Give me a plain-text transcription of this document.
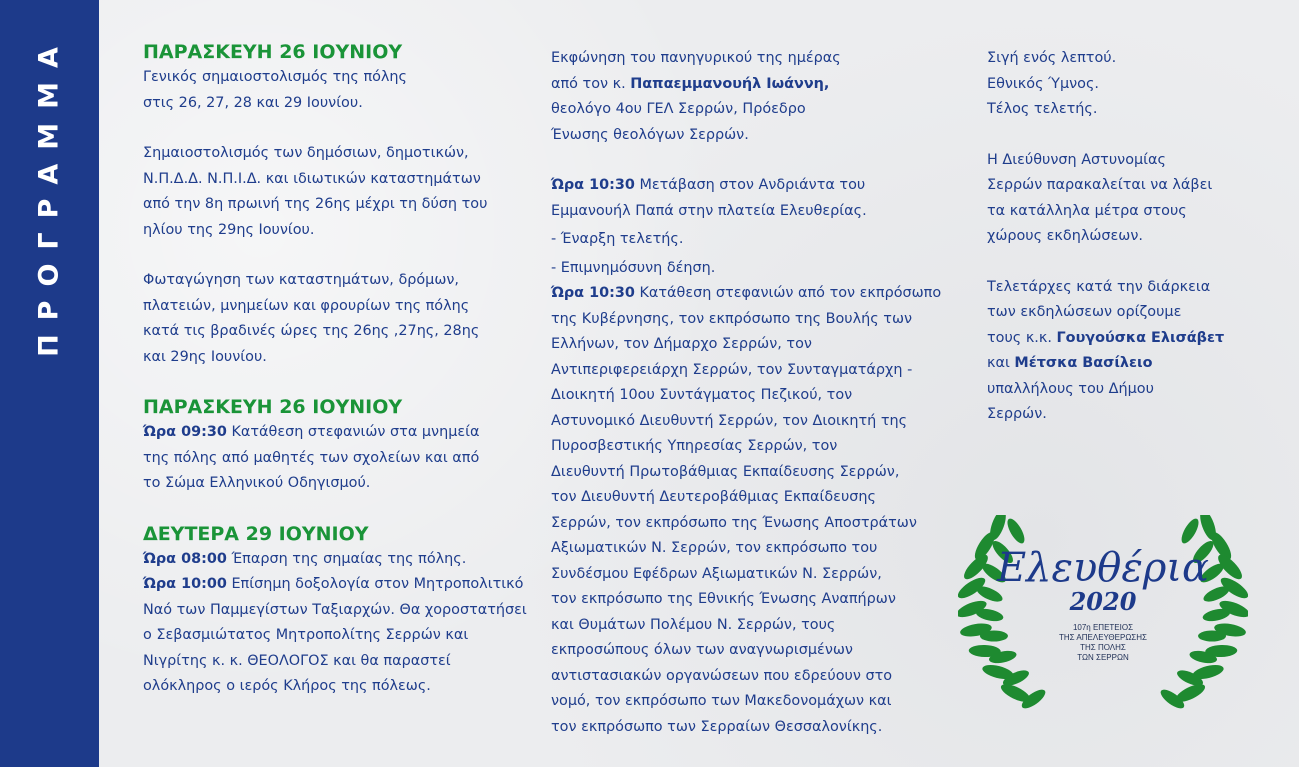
ΠΡΟΓΡΑΜΜΑ	ΠΑΡΑΣΚΕΥΗ 26 ΙΟΥΝΙΟΥ

Γενικός σημαιοστολισμός της πόλης

στις 26, 27, 28 και 29 Ιουνίου.

Σημαιοστολισμός των δημόσιων, δημοτικών,

Ν.Π.Δ.Δ. Ν.Π.Ι.Δ. και ιδιωτικών καταστημάτων

από την 8η πρωινή της 26ης μέχρι τη δύση του

ηλίου της 29ης Ιουνίου.

Φωταγώγηση των καταστημάτων, δρόμων,

πλατειών, μνημείων και φρουρίων της πόλης

κατά τις βραδινές ώρες της 26ης ,27ης, 28ης

και 29ης Ιουνίου.

ΠΑΡΑΣΚΕΥΗ 26 ΙΟΥΝΙΟΥ

Ώρα 09:30 Κατάθεση στεφανιών στα μνημεία

της πόλης από μαθητές των σχολείων και από

το Σώμα Ελληνικού Οδηγισμού.

ΔΕΥΤΕΡΑ 29 ΙΟΥΝΙΟΥ

Ώρα 08:00 Έπαρση της σημαίας της πόλης.

Ώρα 10:00 Επίσημη δοξολογία στον Μητροπολιτικό

Ναό των Παμμεγίστων Ταξιαρχών. Θα χοροστατήσει

ο Σεβασμιώτατος Μητροπολίτης Σερρών και

Νιγρίτης κ. κ. ΘΕΟΛΟΓΟΣ και θα παραστεί

ολόκληρος ο ιερός Κλήρος της πόλεως.

Εκφώνηση του πανηγυρικού της ημέρας

από τον κ. Παπαεμμανουήλ Ιωάννη,

θεολόγο 4ου ΓΕΛ Σερρών, Πρόεδρο

Ένωσης θεολόγων Σερρών.

Ώρα 10:30 Μετάβαση στον Ανδριάντα του

Εμμανουήλ Παπά στην πλατεία Ελευθερίας.

- Έναρξη τελετής.

- Επιμνημόσυνη δέηση.

Ώρα 10:30 Κατάθεση στεφανιών από τον εκπρόσωπο

της Κυβέρνησης, τον εκπρόσωπο της Βουλής των

Ελλήνων, τον Δήμαρχο Σερρών, τον

Αντιπεριφερειάρχη Σερρών, τον Συνταγματάρχη -

Διοικητή 10ου Συντάγματος Πεζικού, τον

Αστυνομικό Διευθυντή Σερρών, τον Διοικητή της

Πυροσβεστικής Υπηρεσίας Σερρών, τον

Διευθυντή Πρωτοβάθμιας Εκπαίδευσης Σερρών,

τον Διευθυντή Δευτεροβάθμιας Εκπαίδευσης

Σερρών, τον εκπρόσωπο της Ένωσης Αποστράτων

Αξιωματικών Ν. Σερρών, τον εκπρόσωπο του

Συνδέσμου Εφέδρων Αξιωματικών Ν. Σερρών,

τον εκπρόσωπο της Εθνικής Ένωσης Αναπήρων

και Θυμάτων Πολέμου Ν. Σερρών, τους

εκπροσώπους όλων των αναγνωρισμένων

αντιστασιακών οργανώσεων που εδρεύουν στο

νομό, τον εκπρόσωπο των Μακεδονομάχων και

τον εκπρόσωπο των Σερραίων Θεσσαλονίκης.

Σιγή ενός λεπτού.

Εθνικός Ύμνος.

Τέλος τελετής.

Η Διεύθυνση Αστυνομίας

Σερρών παρακαλείται να λάβει

τα κατάλληλα μέτρα στους

χώρους εκδηλώσεων.

Τελετάρχες κατά την διάρκεια

των εκδηλώσεων ορίζουμε

τους κ.κ. Γουγούσκα Ελισάβετ

και Μέτσκα Βασίλειο

υπαλλήλους του Δήμου

Σερρών.

Ελευθέρια
2020
107η ΕΠΕΤΕΙΟΣ
ΤΗΣ ΑΠΕΛΕΥΘΕΡΩΣΗΣ
ΤΗΣ ΠΟΛΗΣ
ΤΩΝ ΣΕΡΡΩΝ
